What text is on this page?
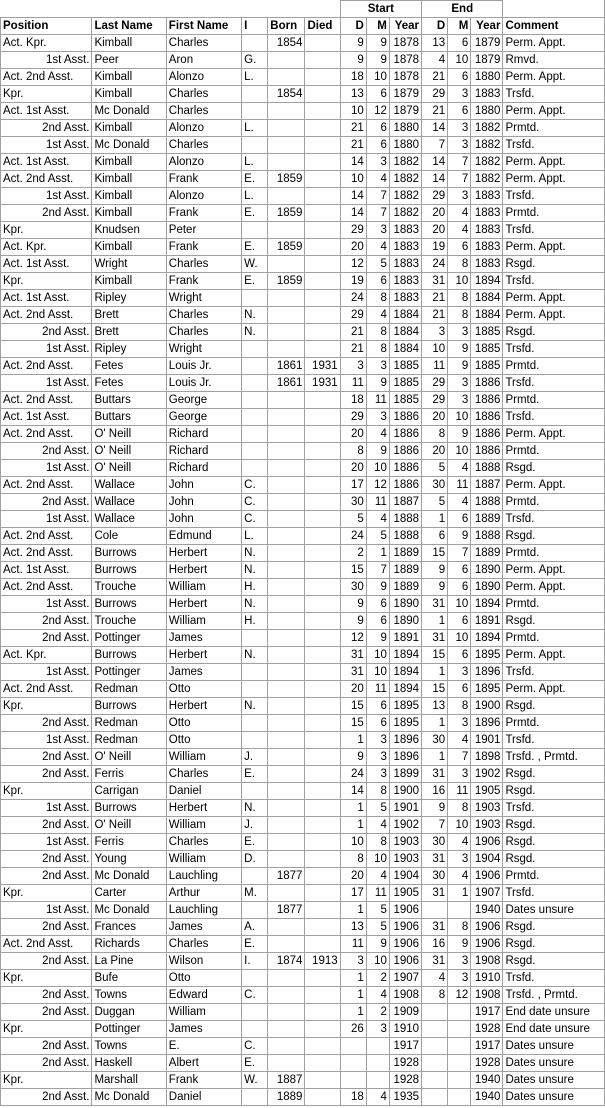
						Start			End			
Position	Last Name	First Name	I	Born	Died	D	M	Year	D	M	Year	Comment
Act. Kpr.	Kimball	Charles		1854		9	9	1878	13	6	1879	Perm. Appt.
1st Asst.	Peer	Aron	G.			9	9	1878	4	10	1879	Rmvd.
Act. 2nd Asst.	Kimball	Alonzo	L.			18	10	1878	21	6	1880	Perm. Appt.
Kpr.	Kimball	Charles		1854		13	6	1879	29	3	1883	Trsfd.
Act. 1st Asst.	Mc Donald	Charles				10	12	1879	21	6	1880	Perm. Appt.
2nd Asst.	Kimball	Alonzo	L.			21	6	1880	14	3	1882	Prmtd.
1st Asst.	Mc Donald	Charles				21	6	1880	7	3	1882	Trsfd.
Act. 1st Asst.	Kimball	Alonzo	L.			14	3	1882	14	7	1882	Perm. Appt.
Act. 2nd Asst.	Kimball	Frank	E.	1859		10	4	1882	14	7	1882	Perm. Appt.
1st Asst.	Kimball	Alonzo	L.			14	7	1882	29	3	1883	Trsfd.
2nd Asst.	Kimball	Frank	E.	1859		14	7	1882	20	4	1883	Prmtd.
Kpr.	Knudsen	Peter				29	3	1883	20	4	1883	Trsfd.
Act. Kpr.	Kimball	Frank	E.	1859		20	4	1883	19	6	1883	Perm. Appt.
Act. 1st Asst.	Wright	Charles	W.			12	5	1883	24	8	1883	Rsgd.
Kpr.	Kimball	Frank	E.	1859		19	6	1883	31	10	1894	Trsfd.
Act. 1st Asst.	Ripley	Wright				24	8	1883	21	8	1884	Perm. Appt.
Act. 2nd Asst.	Brett	Charles	N.			29	4	1884	21	8	1884	Perm. Appt.
2nd Asst.	Brett	Charles	N.			21	8	1884	3	3	1885	Rsgd.
1st Asst.	Ripley	Wright				21	8	1884	10	9	1885	Trsfd.
Act. 2nd Asst.	Fetes	Louis Jr.		1861	1931	3	3	1885	11	9	1885	Prmtd.
1st Asst.	Fetes	Louis Jr.		1861	1931	11	9	1885	29	3	1886	Trsfd.
Act. 2nd Asst.	Buttars	George				18	11	1885	29	3	1886	Prmtd.
Act. 1st Asst.	Buttars	George				29	3	1886	20	10	1886	Trsfd.
Act. 2nd Asst.	O' Neill	Richard				20	4	1886	8	9	1886	Perm. Appt.
2nd Asst.	O' Neill	Richard				8	9	1886	20	10	1886	Prmtd.
1st Asst.	O' Neill	Richard				20	10	1886	5	4	1888	Rsgd.
Act. 2nd Asst.	Wallace	John	C.			17	12	1886	30	11	1887	Perm. Appt.
2nd Asst.	Wallace	John	C.			30	11	1887	5	4	1888	Prmtd.
1st Asst.	Wallace	John	C.			5	4	1888	1	6	1889	Trsfd.
Act. 2nd Asst.	Cole	Edmund	L.			24	5	1888	6	9	1888	Rsgd.
Act. 2nd Asst.	Burrows	Herbert	N.			2	1	1889	15	7	1889	Prmtd.
Act. 1st Asst.	Burrows	Herbert	N.			15	7	1889	9	6	1890	Perm. Appt.
Act. 2nd Asst.	Trouche	William	H.			30	9	1889	9	6	1890	Perm. Appt.
1st Asst.	Burrows	Herbert	N.			9	6	1890	31	10	1894	Prmtd.
2nd Asst.	Trouche	William	H.			9	6	1890	1	6	1891	Rsgd.
2nd Asst.	Pottinger	James				12	9	1891	31	10	1894	Prmtd.
Act. Kpr.	Burrows	Herbert	N.			31	10	1894	15	6	1895	Perm. Appt.
1st Asst.	Pottinger	James				31	10	1894	1	3	1896	Trsfd.
Act. 2nd Asst.	Redman	Otto				20	11	1894	15	6	1895	Perm. Appt.
Kpr.	Burrows	Herbert	N.			15	6	1895	13	8	1900	Rsgd.
2nd Asst.	Redman	Otto				15	6	1895	1	3	1896	Prmtd.
1st Asst.	Redman	Otto				1	3	1896	30	4	1901	Trsfd.
2nd Asst.	O' Neill	William	J.			9	3	1896	1	7	1898	Trsfd. , Prmtd.
2nd Asst.	Ferris	Charles	E.			24	3	1899	31	3	1902	Rsgd.
Kpr.	Carrigan	Daniel				14	8	1900	16	11	1905	Rsgd.
1st Asst.	Burrows	Herbert	N.			1	5	1901	9	8	1903	Trsfd.
2nd Asst.	O' Neill	William	J.			1	4	1902	7	10	1903	Rsgd.
1st Asst.	Ferris	Charles	E.			10	8	1903	30	4	1906	Rsgd.
2nd Asst.	Young	William	D.			8	10	1903	31	3	1904	Rsgd.
2nd Asst.	Mc Donald	Lauchling		1877		20	4	1904	30	4	1906	Prmtd.
Kpr.	Carter	Arthur	M.			17	11	1905	31	1	1907	Trsfd.
1st Asst.	Mc Donald	Lauchling		1877		1	5	1906			1940	Dates unsure
2nd Asst.	Frances	James	A.			13	5	1906	31	8	1906	Rsgd.
Act. 2nd Asst.	Richards	Charles	E.			11	9	1906	16	9	1906	Rsgd.
2nd Asst.	La Pine	Wilson	I.	1874	1913	3	10	1906	31	3	1908	Rsgd.
Kpr.	Bufe	Otto				1	2	1907	4	3	1910	Trsfd.
2nd Asst.	Towns	Edward	C.			1	4	1908	8	12	1908	Trsfd. , Prmtd.
2nd Asst.	Duggan	William				1	2	1909			1917	End date unsure
Kpr.	Pottinger	James				26	3	1910			1928	End date unsure
2nd Asst.	Towns	E.	C.					1917			1917	Dates unsure
2nd Asst.	Haskell	Albert	E.					1928			1928	Dates unsure
Kpr.	Marshall	Frank	W.	1887				1928			1940	Dates unsure
2nd Asst.	Mc Donald	Daniel		1889		18	4	1935			1940	Dates unsure
